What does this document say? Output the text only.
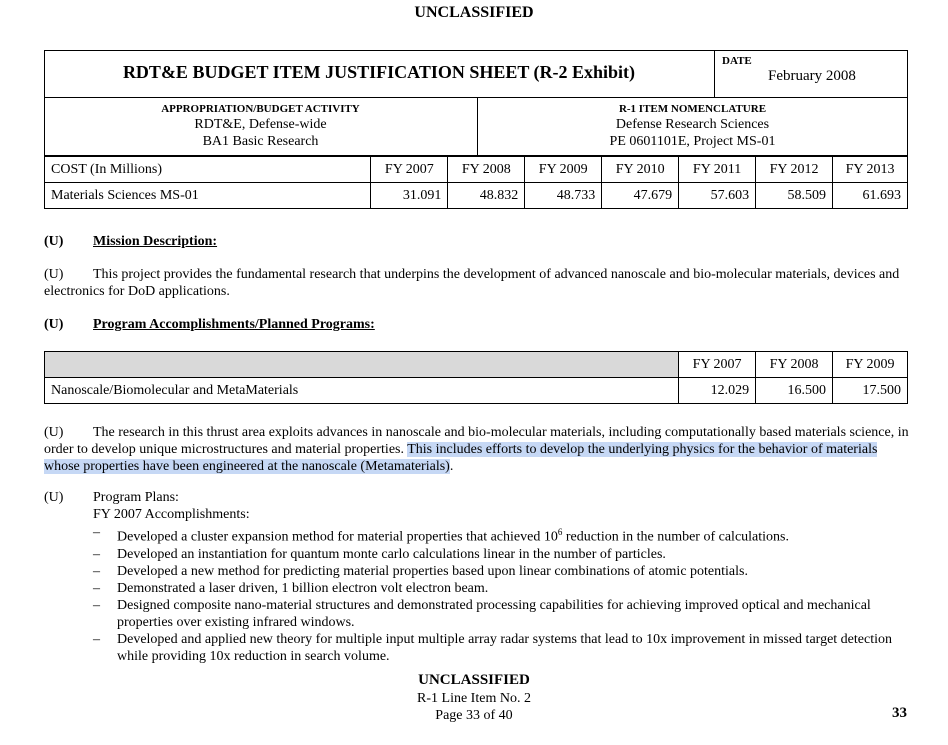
UNCLASSIFIED
RDT&E BUDGET ITEM JUSTIFICATION SHEET (R-2 Exhibit)
DATE
February 2008
APPROPRIATION/BUDGET ACTIVITY
RDT&E, Defense-wide
BA1 Basic Research
R-1 ITEM NOMENCLATURE
Defense Research Sciences
PE 0601101E, Project MS-01
COST (In Millions)	FY 2007	FY 2008	FY 2009	FY 2010	FY 2011	FY 2012	FY 2013
Materials Sciences MS-01	31.091	48.832	48.733	47.679	57.603	58.509	61.693
(U) Mission Description:
(U) This project provides the fundamental research that underpins the development of advanced nanoscale and bio-molecular materials, devices and electronics for DoD applications.
(U) Program Accomplishments/Planned Programs:
	FY 2007	FY 2008	FY 2009
Nanoscale/Biomolecular and MetaMaterials	12.029	16.500	17.500
(U) The research in this thrust area exploits advances in nanoscale and bio-molecular materials, including computationally based materials science, in order to develop unique microstructures and material properties. This includes efforts to develop the underlying physics for the behavior of materials whose properties have been engineered at the nanoscale (Metamaterials).
(U) Program Plans:
FY 2007 Accomplishments:
– Developed a cluster expansion method for material properties that achieved $10^6$ reduction in the number of calculations.
– Developed an instantiation for quantum monte carlo calculations linear in the number of particles.
– Developed a new method for predicting material properties based upon linear combinations of atomic potentials.
– Demonstrated a laser driven, 1 billion electron volt electron beam.
– Designed composite nano-material structures and demonstrated processing capabilities for achieving improved optical and mechanical properties over existing infrared windows.
– Developed and applied new theory for multiple input multiple array radar systems that lead to 10x improvement in missed target detection while providing 10x reduction in search volume.
UNCLASSIFIED
R-1 Line Item No. 2
Page 33 of 40	33
